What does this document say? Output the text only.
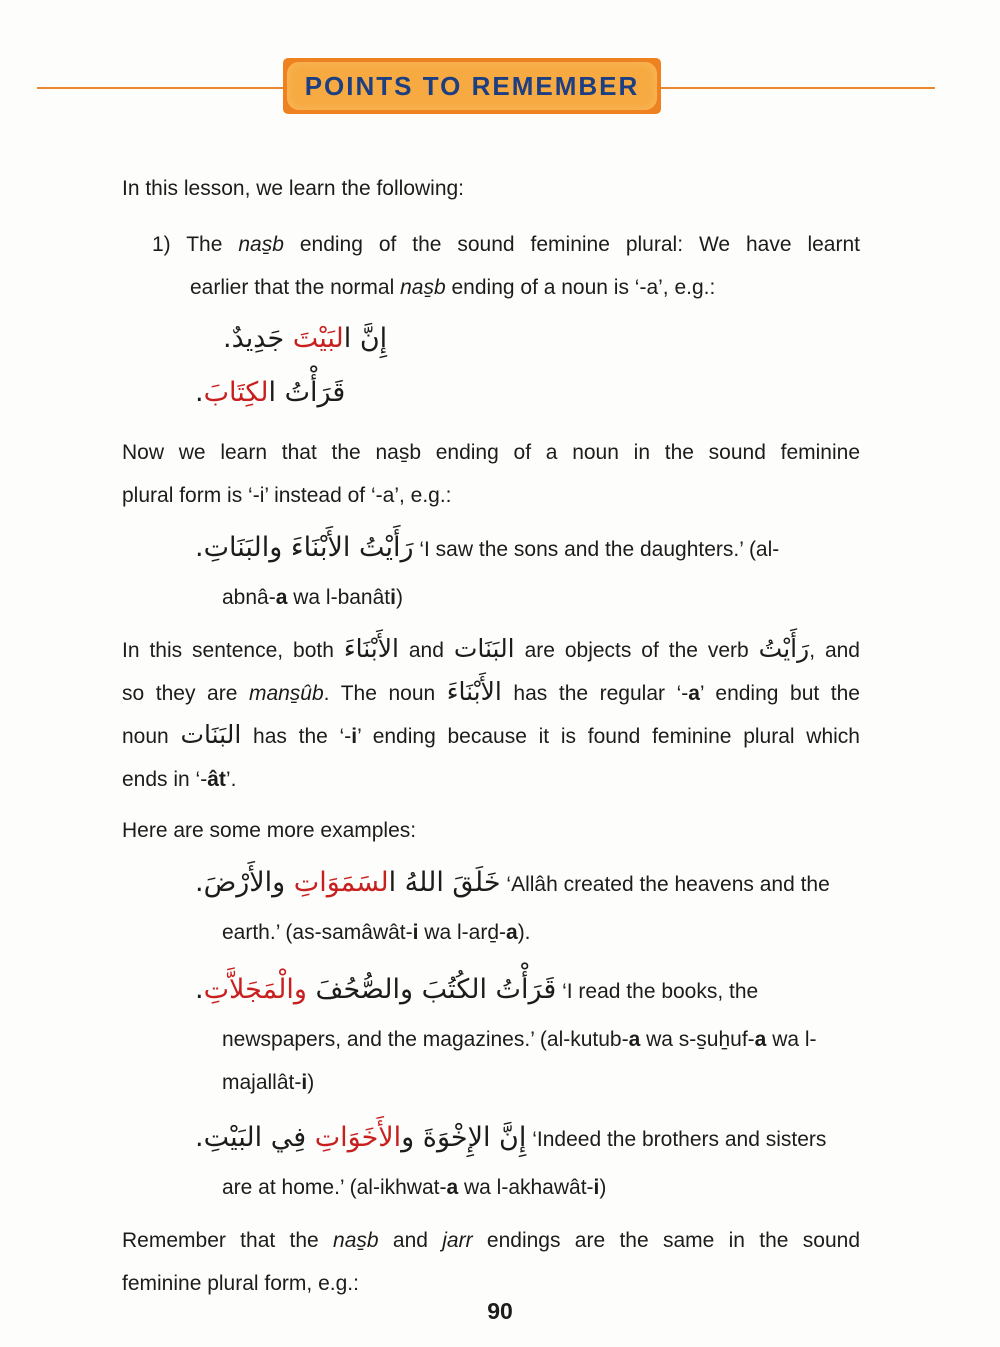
POINTS TO REMEMBER
In this lesson, we learn the following:
1) The nas̱b ending of the sound feminine plural: We have learnt
earlier that the normal nas̱b ending of a noun is ‘-a’, e.g.:
إِنَّ البَيْتَ جَدِيدٌ.
قَرَأْتُ الكِتَابَ.
Now we learn that the nas̱b ending of a noun in the sound feminine
plural form is ‘-i’ instead of ‘-a’, e.g.:
رَأَيْتُ الأَبْنَاءَ والبَنَاتِ. ‘I saw the sons and the daughters.’ (al-
abnâ-a wa l-banâti)
In this sentence, both الأَبْنَاءَ and البَنَات are objects of the verb رَأَيْتُ, and
so they are mans̱ûb. The noun الأَبْنَاءَ has the regular ‘-a’ ending but the
noun البَنَات has the ‘-i’ ending because it is found feminine plural which
ends in ‘-ât’.
Here are some more examples:
خَلَقَ اللهُ السَمَوَاتِ والأَرْضَ.	‘Allâh created the heavens and the
earth.’ (as-samâwât-i wa l-arḏ-a).
قَرَأْتُ الكُتُبَ والصُّحُفَ والْمَجَلاَّتِ.	‘I read the books, the
newspapers, and the magazines.’ (al-kutub-a wa s-s̱uẖuf-a wa l-
majallât-i)
إِنَّ الإِخْوَةَ والأَخَوَاتِ فِي البَيْتِ.	‘Indeed the brothers and sisters
are at home.’ (al-ikhwat-a wa l-akhawât-i)
Remember that the nas̱b and jarr endings are the same in the sound
feminine plural form, e.g.:
90
